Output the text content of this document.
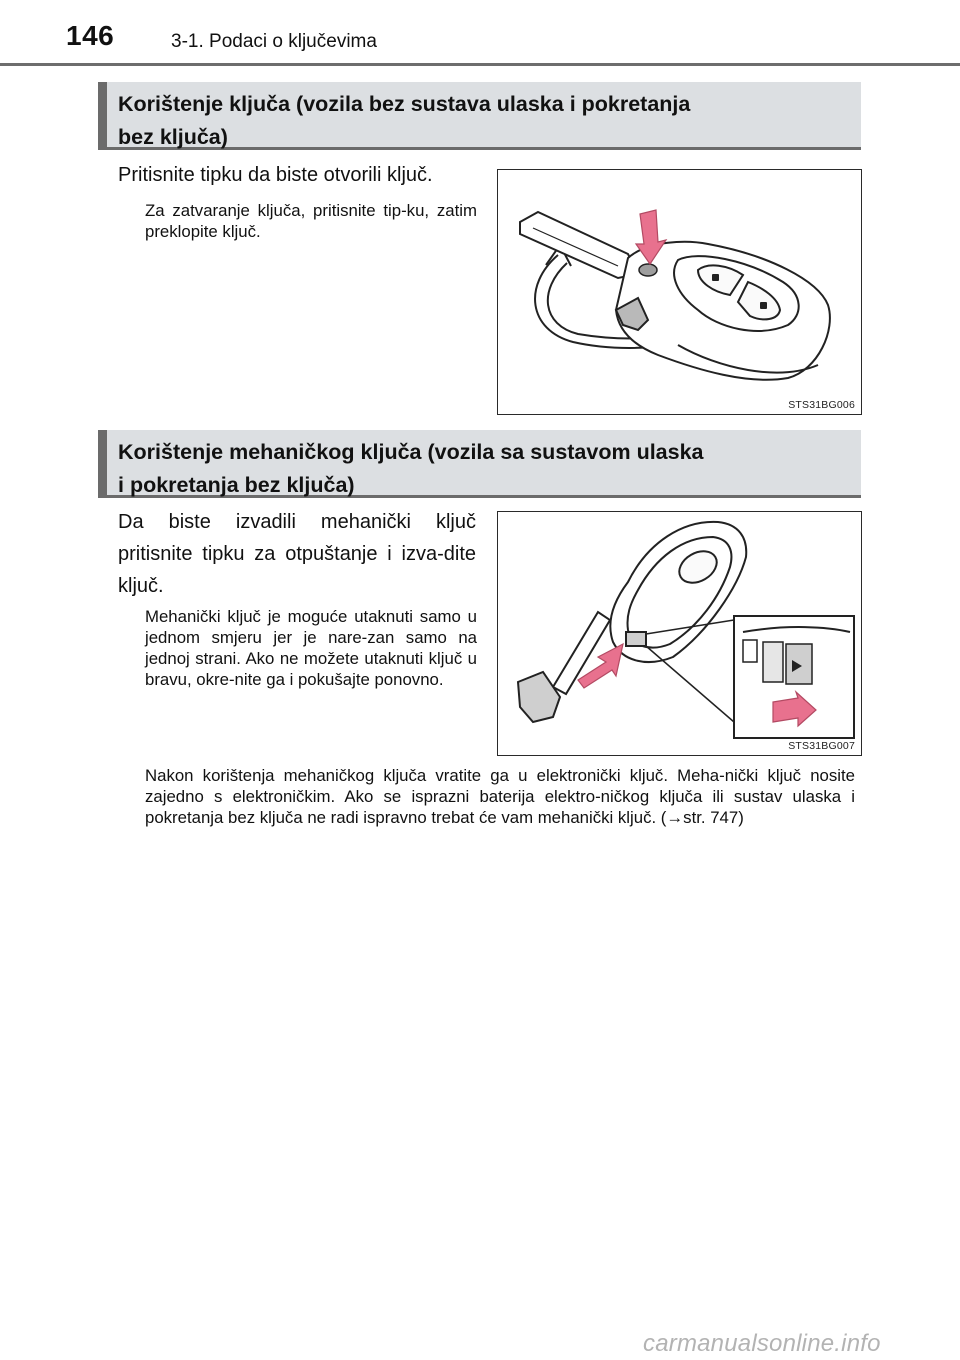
146	3-1. Podaci o ključevima
Korištenje ključa (vozila bez sustava ulaska i pokretanja
bez ključa)
Pritisnite tipku da biste otvorili ključ.
Za zatvaranje ključa, pritisnite tip-ku, zatim preklopite ključ.
STS31BG006
Korištenje mehaničkog ključa (vozila sa sustavom ulaska
i pokretanja bez ključa)
Da biste izvadili mehanički ključ pritisnite tipku za otpuštanje i izva-dite ključ.
Mehanički ključ je moguće utaknuti samo u jednom smjeru jer je nare-zan samo na jednoj strani. Ako ne možete utaknuti ključ u bravu, okre-nite ga i pokušajte ponovno.
STS31BG007
Nakon korištenja mehaničkog ključa vratite ga u elektronički ključ. Meha-nički ključ nosite zajedno s elektroničkim. Ako se isprazni baterija elektro-ničkog ključa ili sustav ulaska i pokretanja bez ključa ne radi ispravno trebat će vam mehanički ključ. (→str. 747)
carmanualsonline.info
